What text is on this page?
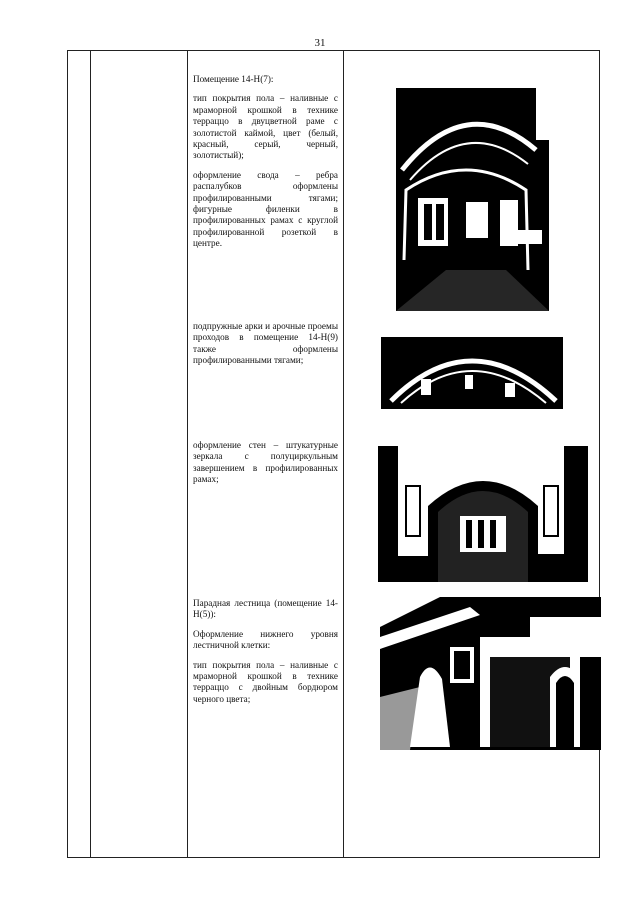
31

Помещение 14-Н(7):

тип покрытия пола – наливные с мраморной крошкой в технике терраццо в двуцветной раме с золотистой каймой, цвет (белый, красный, серый, черный, золотистый);

оформление свода – ребра распалубков оформлены профилированными тягами; фигурные филенки в профилированных рамах с круглой профилированной розеткой в центре.

подпружные арки и арочные проемы проходов в помещение 14-Н(9) также оформлены профилированными тягами;

оформление стен – штукатурные зеркала с полуциркульным завершением в профилированных рамах;

Парадная лестница (помещение 14-Н(5)):

Оформление нижнего уровня лестничной клетки:

тип покрытия пола – наливные с мраморной крошкой в технике терраццо с двойным бордюром черного цвета;
